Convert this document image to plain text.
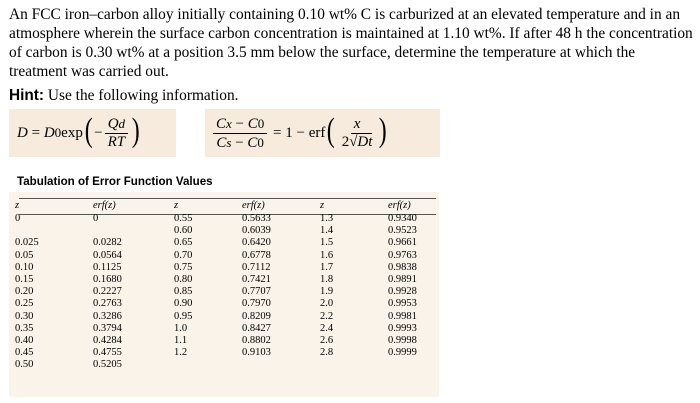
An FCC iron–carbon alloy initially containing 0.10 wt% C is carburized at an elevated temperature and in an atmosphere wherein the surface carbon concentration is maintained at 1.10 wt%. If after 48 h the concentration of carbon is 0.30 wt% at a position 3.5 mm below the surface, determine the temperature at which the treatment was carried out.
Hint: Use the following information.
D = D 0 exp ( − $\frac{Qd}{RT}$ )	$\frac{Cx - C0}{Cs - C0} = 1$ − erf ( $\frac{x}{2√Dt}$ )
Tabulation of Error Function Values
z
0
0.025
0.05
0.10
0.15
0.20
0.25
0.30
0.35
0.40
0.45
0.50
erf(z)
0
0.0282
0.0564
0.1125
0.1680
0.2227
0.2763
0.3286
0.3794
0.4284
0.4755
0.5205
z
0.55
0.60
0.65
0.70
0.75
0.80
0.85
0.90
0.95
1.0
1.1
1.2
erf(z)
0.5633
0.6039
0.6420
0.6778
0.7112
0.7421
0.7707
0.7970
0.8209
0.8427
0.8802
0.9103
z
1.3
1.4
1.5
1.6
1.7
1.8
1.9
2.0
2.2
2.4
2.6
2.8
erf(z)
0.9340
0.9523
0.9661
0.9763
0.9838
0.9891
0.9928
0.9953
0.9981
0.9993
0.9998
0.9999
